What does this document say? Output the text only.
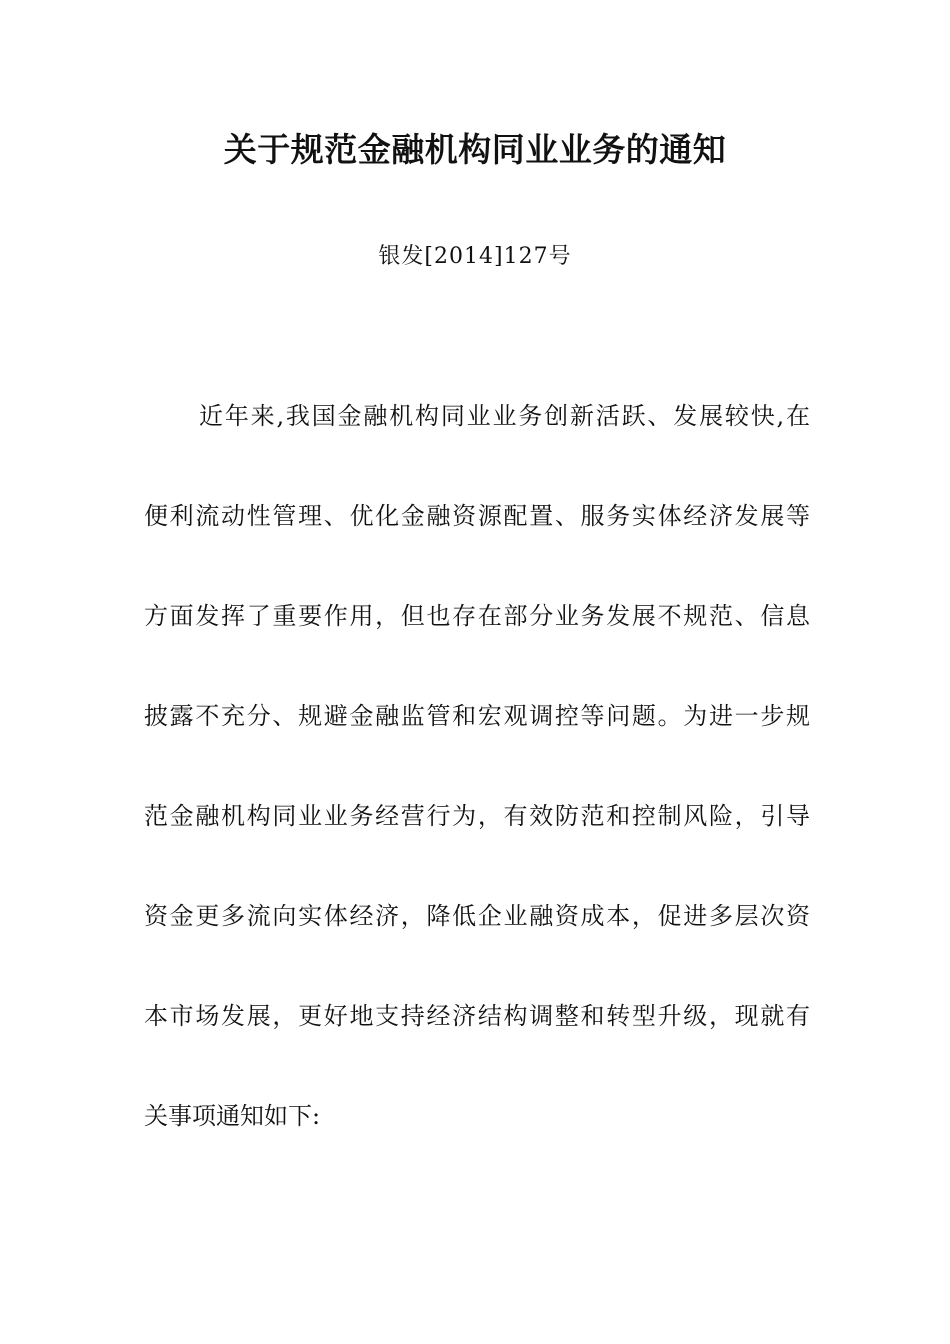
关于规范金融机构同业业务的通知

银发[2014]127号

近年来,我国金融机构同业业务创新活跃、发展较快,在
便利流动性管理、优化金融资源配置、服务实体经济发展等
方面发挥了重要作用，但也存在部分业务发展不规范、信息
披露不充分、规避金融监管和宏观调控等问题。为进一步规
范金融机构同业业务经营行为，有效防范和控制风险，引导
资金更多流向实体经济，降低企业融资成本，促进多层次资
本市场发展，更好地支持经济结构调整和转型升级，现就有
关事项通知如下:
